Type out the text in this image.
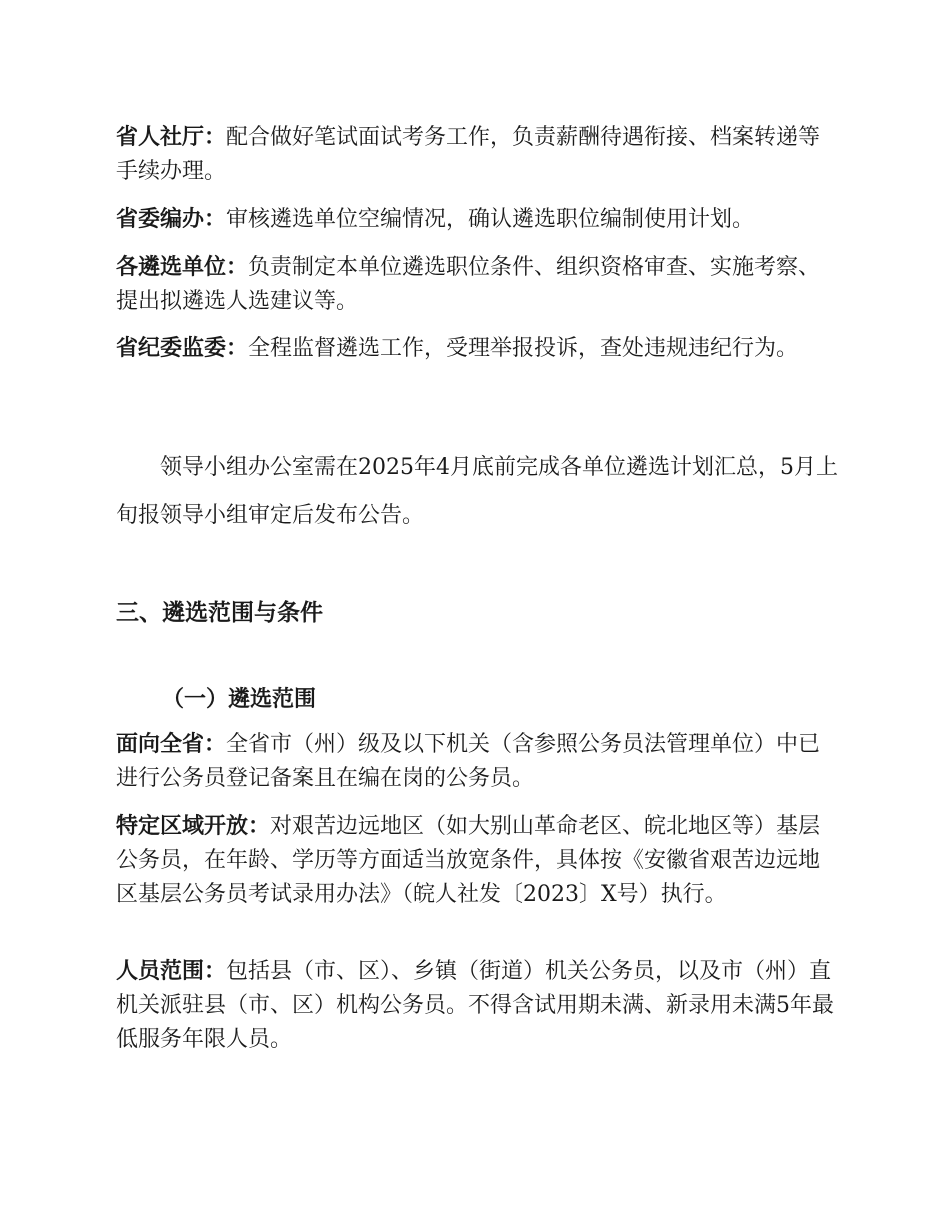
省人社厅：配合做好笔试面试考务工作，负责薪酬待遇衔接、档案转递等手续办理。

省委编办：审核遴选单位空编情况，确认遴选职位编制使用计划。

各遴选单位：负责制定本单位遴选职位条件、组织资格审查、实施考察、提出拟遴选人选建议等。

省纪委监委：全程监督遴选工作，受理举报投诉，查处违规违纪行为。

领导小组办公室需在2025年4月底前完成各单位遴选计划汇总，5月上旬报领导小组审定后发布公告。

三、遴选范围与条件
（一）遴选范围

面向全省：全省市（州）级及以下机关（含参照公务员法管理单位）中已进行公务员登记备案且在编在岗的公务员。

特定区域开放：对艰苦边远地区（如大别山革命老区、皖北地区等）基层公务员，在年龄、学历等方面适当放宽条件，具体按《安徽省艰苦边远地区基层公务员考试录用办法》（皖人社发〔2023〕X号）执行。

人员范围：包括县（市、区）、乡镇（街道）机关公务员，以及市（州）直机关派驻县（市、区）机构公务员。不得含试用期未满、新录用未满5年最低服务年限人员。
